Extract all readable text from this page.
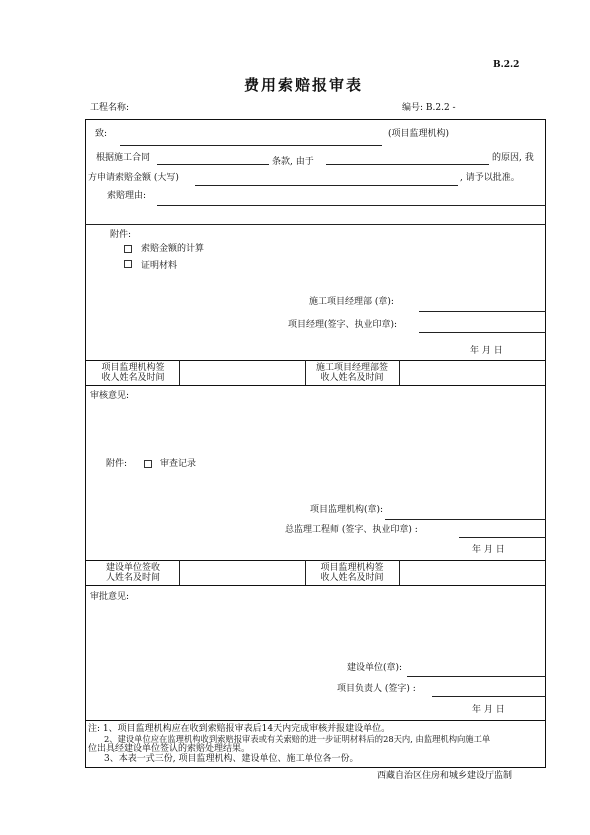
B.2.2
费用索赔报审表
工程名称:	编号: B.2.2 -
致:	(项目监理机构)
根据施工合同	条款, 由于	的原因, 我
方申请索赔金额 (大写)	, 请予以批准。
索赔理由:
附件:
索赔金额的计算
证明材料
施工项目经理部 (章):
项目经理(签字、执业印章):
年 月 日
项目监理机构签
收人姓名及时间
施工项目经理部签
收人姓名及时间
审核意见:
附件:	审查记录
项目监理机构(章):
总监理工程师 (签字、执业印章) :
年 月 日
建设单位签收
人姓名及时间
项目监理机构签
收人姓名及时间
审批意见:
建设单位(章):
项目负责人 (签字) :
年 月 日
注: 1、项目监理机构应在收到索赔报审表后14天内完成审核并报建设单位。
2、建设单位应在监理机构收到索赔报审表或有关索赔的进一步证明材料后的28天内, 由监理机构向施工单
位出具经建设单位签认的索赔处理结果。
3、本表一式三份, 项目监理机构、建设单位、施工单位各一份。
西藏自治区住房和城乡建设厅监制
